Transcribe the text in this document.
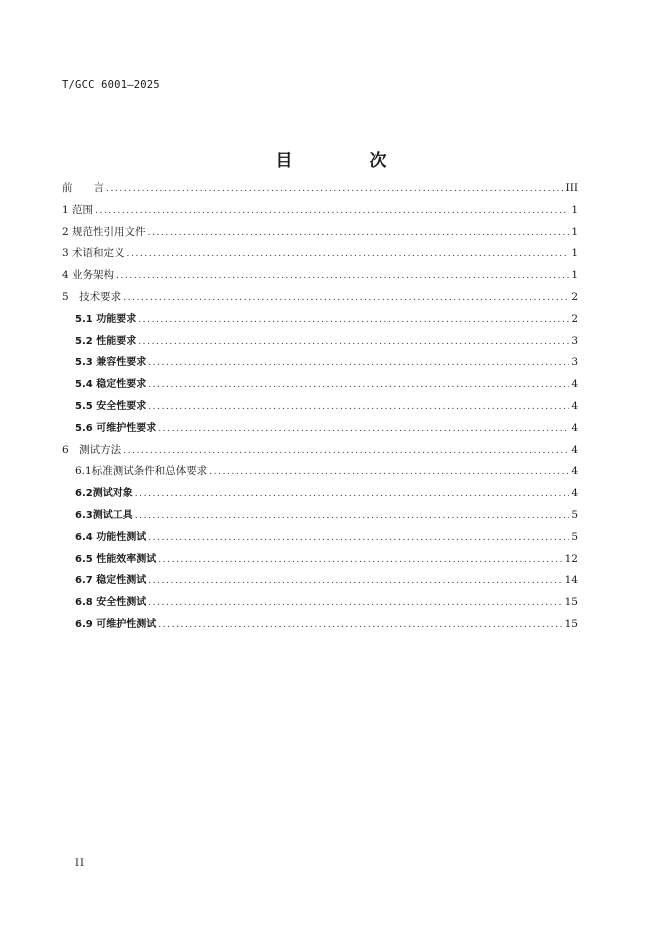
T/GCC 6001—2025
目　次
前　　言 .....	III
1 范围 .....	1
2 规范性引用文件 .....	1
3 术语和定义 .....	1
4 业务架构 .....	1
5　技术要求 .....	2
5.1 功能要求 .....	2
5.2 性能要求 .....	3
5.3 兼容性要求 .....	3
5.4 稳定性要求 .....	4
5.5 安全性要求 .....	4
5.6 可维护性要求 .....	4
6　测试方法 .....	4
6.1标准测试条件和总体要求 .....	4
6.2测试对象 .....	4
6.3测试工具 .....	5
6.4 功能性测试 .....	5
6.5 性能效率测试 .....	12
6.7 稳定性测试 .....	14
6.8 安全性测试 .....	15
6.9 可维护性测试 .....	15
II
